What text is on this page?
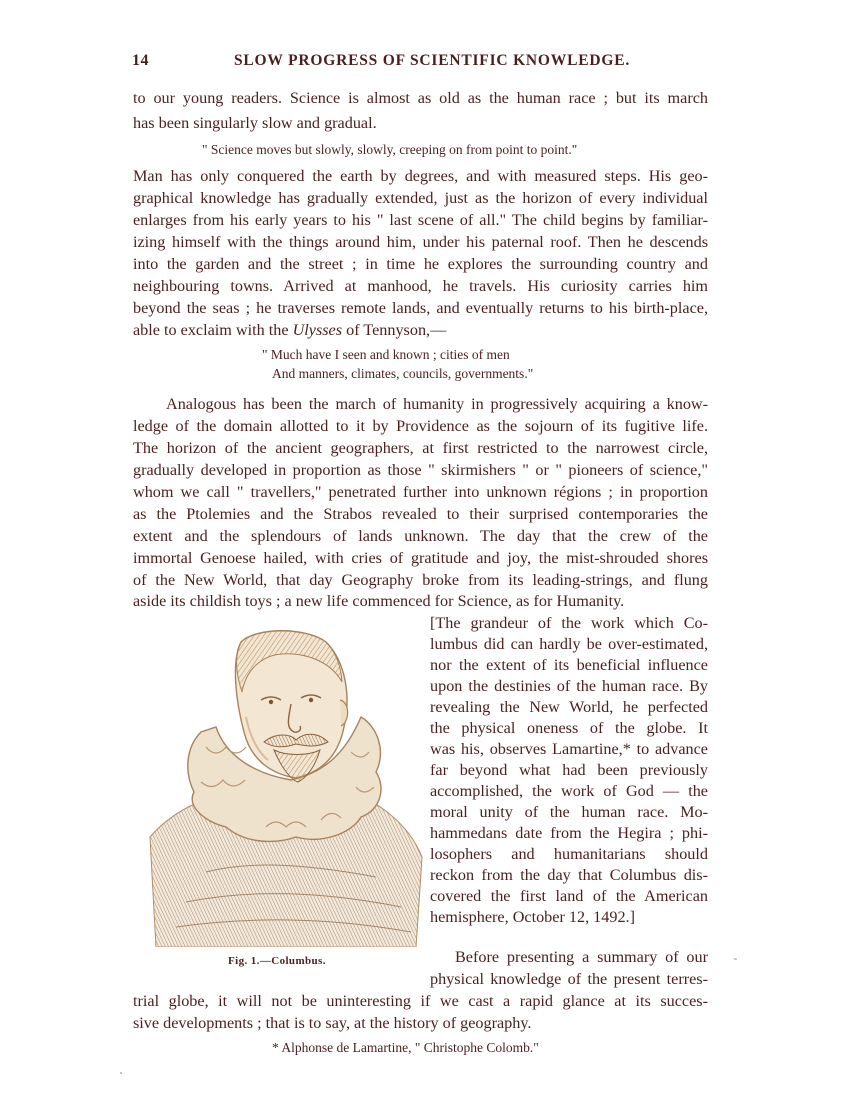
14	SLOW PROGRESS OF SCIENTIFIC KNOWLEDGE.
to our young readers. Science is almost as old as the human race ; but its march
has been singularly slow and gradual.
" Science moves but slowly, slowly, creeping on from point to point."
Man has only conquered the earth by degrees, and with measured steps. His geo-
graphical knowledge has gradually extended, just as the horizon of every individual
enlarges from his early years to his " last scene of all." The child begins by familiar-
izing himself with the things around him, under his paternal roof. Then he descends
into the garden and the street ; in time he explores the surrounding country and
neighbouring towns. Arrived at manhood, he travels. His curiosity carries him
beyond the seas ; he traverses remote lands, and eventually returns to his birth-place,
able to exclaim with the Ulysses of Tennyson,—
" Much have I seen and known ; cities of men
And manners, climates, councils, governments."
Analogous has been the march of humanity in progressively acquiring a know-
ledge of the domain allotted to it by Providence as the sojourn of its fugitive life.
The horizon of the ancient geographers, at first restricted to the narrowest circle,
gradually developed in proportion as those " skirmishers " or " pioneers of science,"
whom we call " travellers," penetrated further into unknown régions ; in proportion
as the Ptolemies and the Strabos revealed to their surprised contemporaries the
extent and the splendours of lands unknown. The day that the crew of the
immortal Genoese hailed, with cries of gratitude and joy, the mist-shrouded shores
of the New World, that day Geography broke from its leading-strings, and flung
aside its childish toys ; a new life commenced for Science, as for Humanity.
[The grandeur of the work which Co-
lumbus did can hardly be over-estimated,
nor the extent of its beneficial influence
upon the destinies of the human race. By
revealing the New World, he perfected
the physical oneness of the globe. It
was his, observes Lamartine,* to advance
far beyond what had been previously
accomplished, the work of God — the
moral unity of the human race. Mo-
hammedans date from the Hegira ; phi-
losophers and humanitarians should
reckon from the day that Columbus dis-
covered the first land of the American
hemisphere, October 12, 1492.]
Before presenting a summary of our
physical knowledge of the present terres-
trial globe, it will not be uninteresting if we cast a rapid glance at its succes-
sive developments ; that is to say, at the history of geography.
Fig. 1.—Columbus.
* Alphonse de Lamartine, " Christophe Colomb."
